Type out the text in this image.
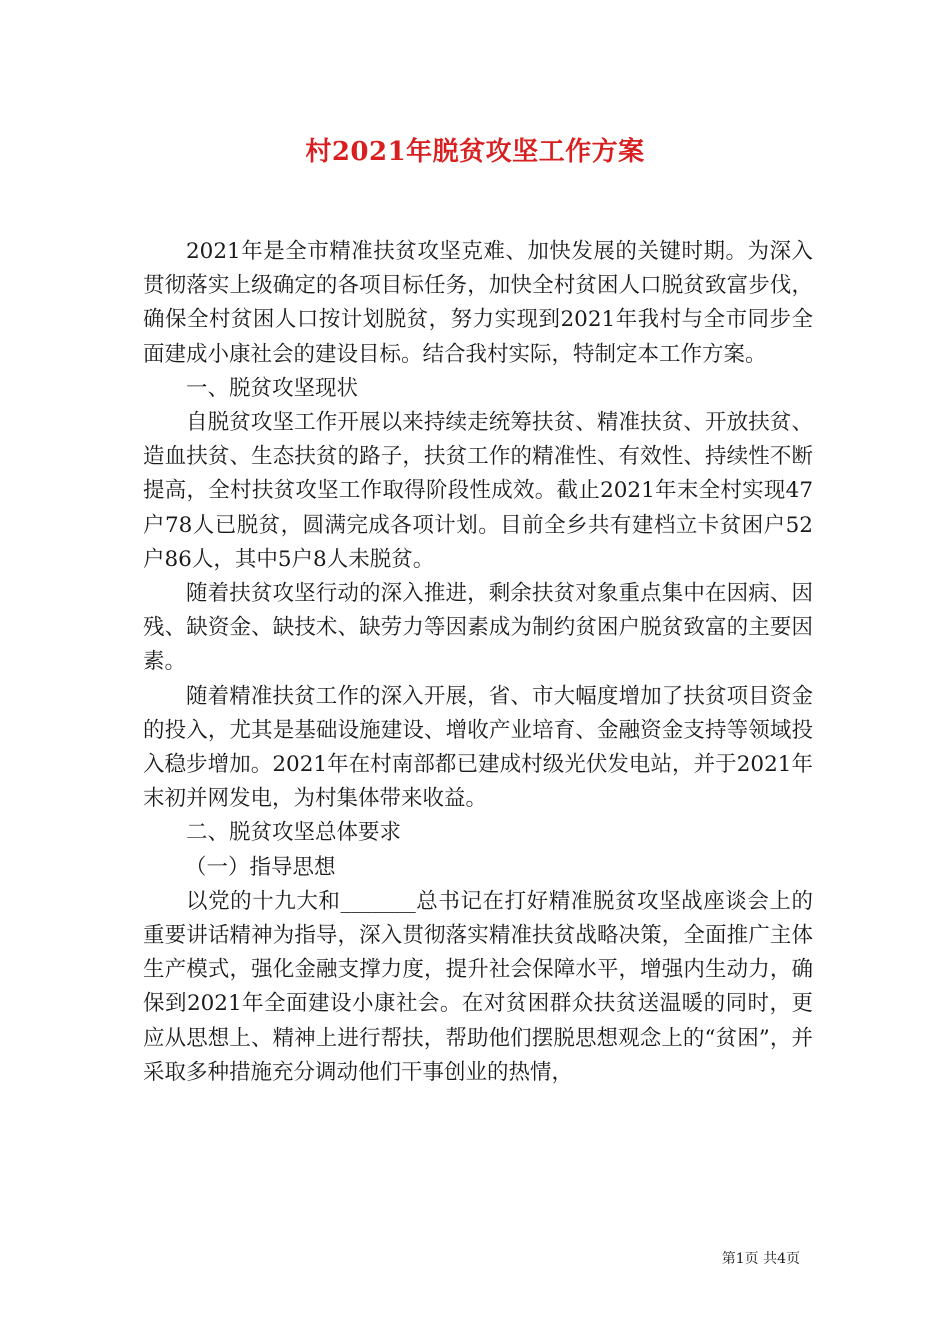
村2021年脱贫攻坚工作方案

2021年是全市精准扶贫攻坚克难、加快发展的关键时期。为深入贯彻落实上级确定的各项目标任务，加快全村贫困人口脱贫致富步伐，确保全村贫困人口按计划脱贫，努力实现到2021年我村与全市同步全面建成小康社会的建设目标。结合我村实际，特制定本工作方案。

一、脱贫攻坚现状

自脱贫攻坚工作开展以来持续走统筹扶贫、精准扶贫、开放扶贫、造血扶贫、生态扶贫的路子，扶贫工作的精准性、有效性、持续性不断提高，全村扶贫攻坚工作取得阶段性成效。截止2021年末全村实现47户78人已脱贫，圆满完成各项计划。目前全乡共有建档立卡贫困户52户86人，其中5户8人未脱贫。

随着扶贫攻坚行动的深入推进，剩余扶贫对象重点集中在因病、因残、缺资金、缺技术、缺劳力等因素成为制约贫困户脱贫致富的主要因素。

随着精准扶贫工作的深入开展，省、市大幅度增加了扶贫项目资金的投入，尤其是基础设施建设、增收产业培育、金融资金支持等领域投入稳步增加。2021年在村南部都已建成村级光伏发电站，并于2021年末初并网发电，为村集体带来收益。

二、脱贫攻坚总体要求

（一）指导思想

以党的十九大和_______总书记在打好精准脱贫攻坚战座谈会上的重要讲话精神为指导，深入贯彻落实精准扶贫战略决策，全面推广主体生产模式，强化金融支撑力度，提升社会保障水平，增强内生动力，确保到2021年全面建设小康社会。在对贫困群众扶贫送温暖的同时，更应从思想上、精神上进行帮扶，帮助他们摆脱思想观念上的“贫困”，并采取多种措施充分调动他们干事创业的热情，

第1页 共4页
